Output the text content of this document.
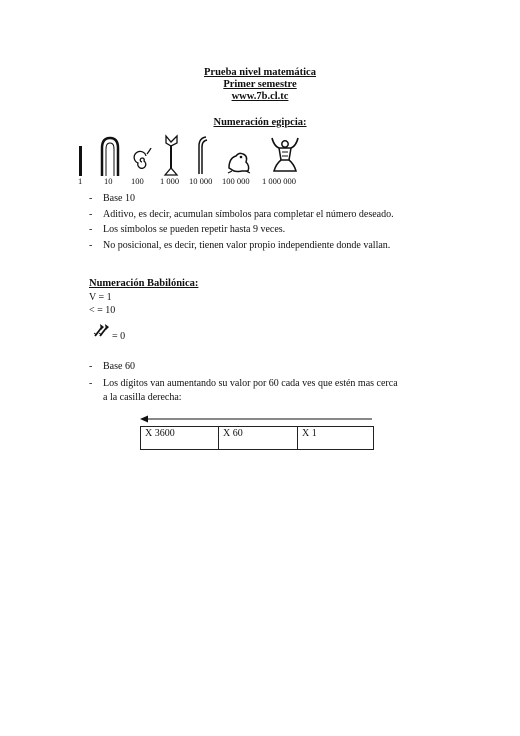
Prueba nivel matemática
Primer semestre
www.7b.cl.tc
Numeración egipcia:
1	10 100 1 000 10 000 100 000 1 000 000
- Base 10
- Aditivo, es decir, acumulan símbolos para completar el número deseado.
- Los símbolos se pueden repetir hasta 9 veces.
- No posicional, es decir, tienen valor propio independiente donde vallan.
Numeración Babilónica:
V = 1
< = 10
= 0
- Base 60
- Los dígitos van aumentando su valor por 60 cada ves que estén mas cerca a la casilla derecha:
X 3600	X 60	X 1
